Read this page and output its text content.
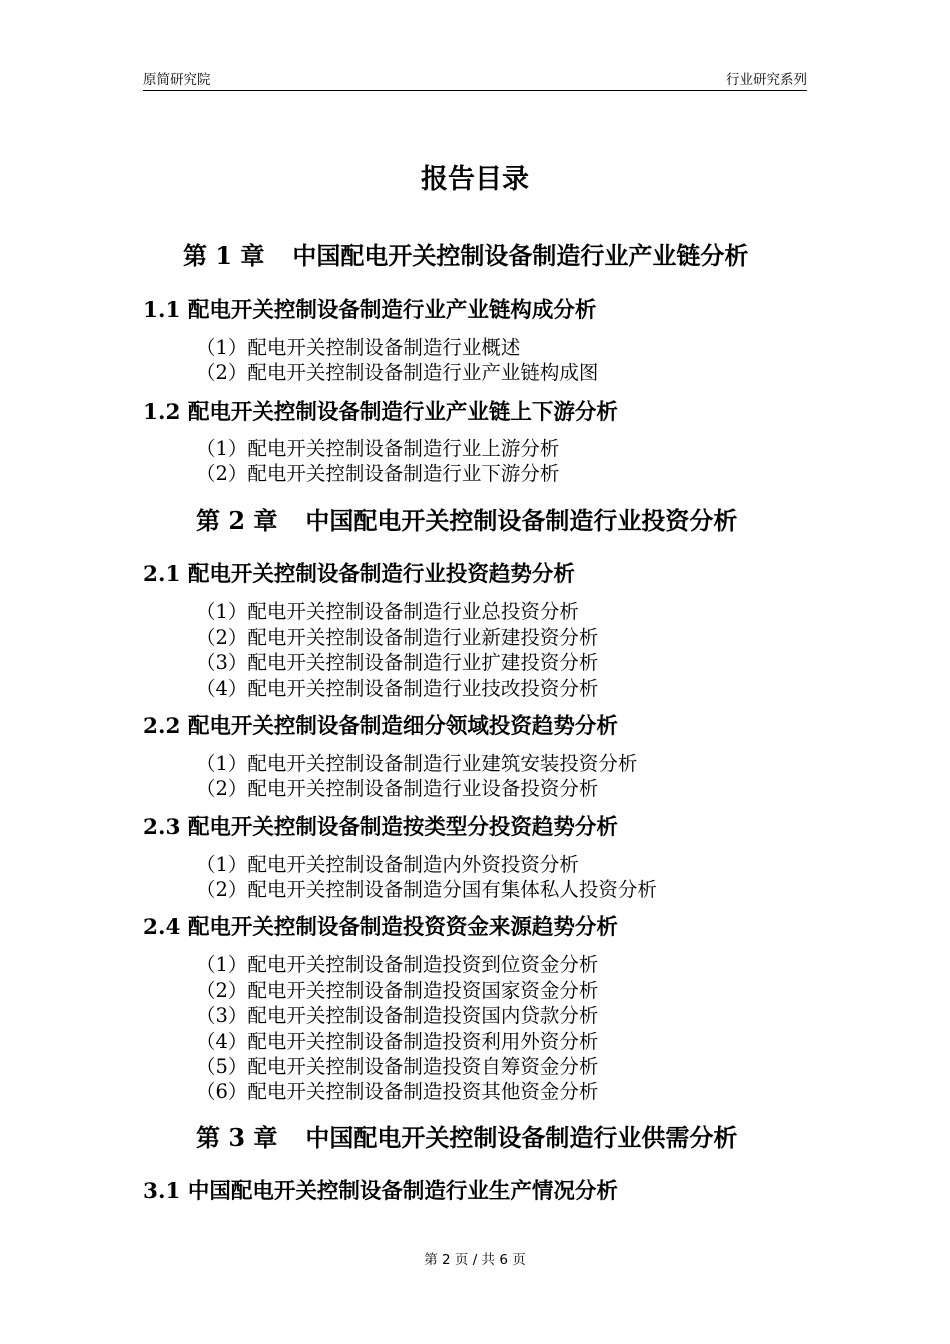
原简研究院	行业研究系列
报告目录
第 1 章 中国配电开关控制设备制造行业产业链分析
1.1 配电开关控制设备制造行业产业链构成分析
（1）配电开关控制设备制造行业概述
（2）配电开关控制设备制造行业产业链构成图
1.2 配电开关控制设备制造行业产业链上下游分析
（1）配电开关控制设备制造行业上游分析
（2）配电开关控制设备制造行业下游分析
第 2 章 中国配电开关控制设备制造行业投资分析
2.1 配电开关控制设备制造行业投资趋势分析
（1）配电开关控制设备制造行业总投资分析
（2）配电开关控制设备制造行业新建投资分析
（3）配电开关控制设备制造行业扩建投资分析
（4）配电开关控制设备制造行业技改投资分析
2.2 配电开关控制设备制造细分领域投资趋势分析
（1）配电开关控制设备制造行业建筑安装投资分析
（2）配电开关控制设备制造行业设备投资分析
2.3 配电开关控制设备制造按类型分投资趋势分析
（1）配电开关控制设备制造内外资投资分析
（2）配电开关控制设备制造分国有集体私人投资分析
2.4 配电开关控制设备制造投资资金来源趋势分析
（1）配电开关控制设备制造投资到位资金分析
（2）配电开关控制设备制造投资国家资金分析
（3）配电开关控制设备制造投资国内贷款分析
（4）配电开关控制设备制造投资利用外资分析
（5）配电开关控制设备制造投资自筹资金分析
（6）配电开关控制设备制造投资其他资金分析
第 3 章 中国配电开关控制设备制造行业供需分析
3.1 中国配电开关控制设备制造行业生产情况分析
第 2 页 / 共 6 页
